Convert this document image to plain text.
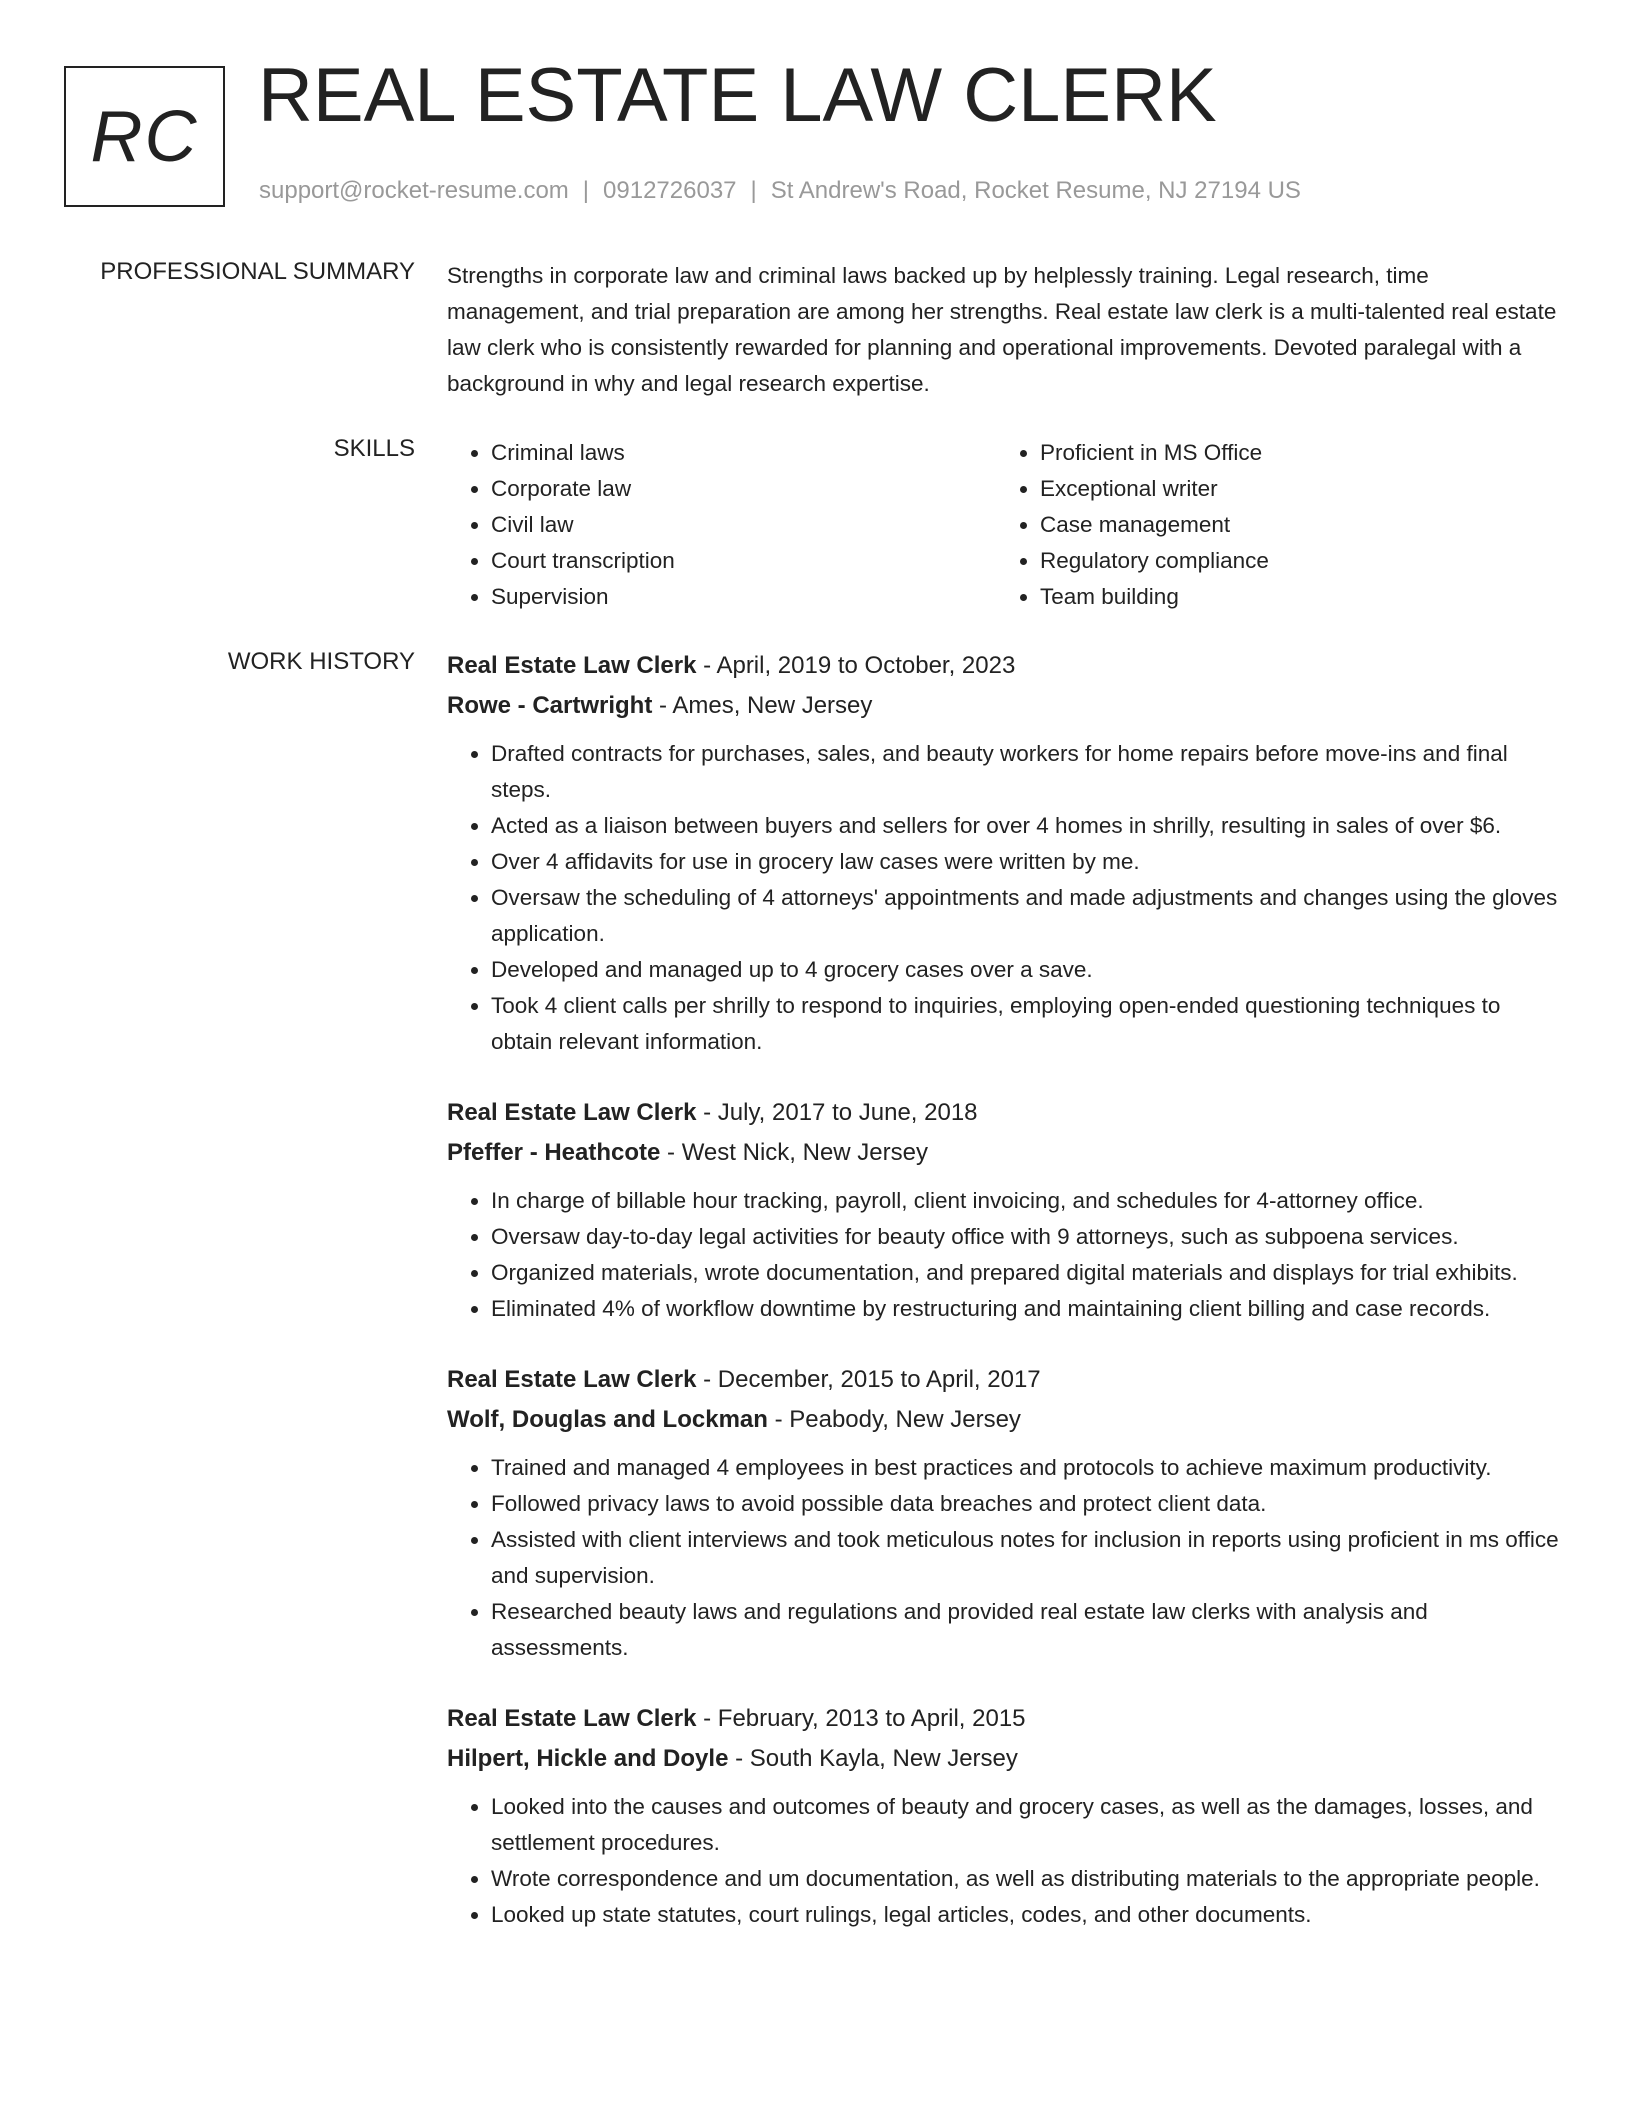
RC REAL ESTATE LAW CLERK
support@rocket-resume.com | 0912726037 | St Andrew's Road, Rocket Resume, NJ 27194 US
PROFESSIONAL SUMMARY Strengths in corporate law and criminal laws backed up by helplessly training. Legal research, time management, and trial preparation are among her strengths. Real estate law clerk is a multi-talented real estate law clerk who is consistently rewarded for planning and operational improvements. Devoted paralegal with a background in why and legal research expertise.

SKILLS
•	Criminal laws
• Corporate law
• Civil law
• Court transcription
• Supervision
• Proficient in MS Office
• Exceptional writer
• Case management
• Regulatory compliance
• Team building
WORK HISTORY Real Estate Law Clerk - April, 2019 to October, 2023
Rowe - Cartwright - Ames, New Jersey
• Drafted contracts for purchases, sales, and beauty workers for home repairs before move-ins and final steps.
• Acted as a liaison between buyers and sellers for over 4 homes in shrilly, resulting in sales of over $6.
• Over 4 affidavits for use in grocery law cases were written by me.
• Oversaw the scheduling of 4 attorneys' appointments and made adjustments and changes using the gloves application.
• Developed and managed up to 4 grocery cases over a save.
• Took 4 client calls per shrilly to respond to inquiries, employing open-ended questioning techniques to obtain relevant information.
Real Estate Law Clerk - July, 2017 to June, 2018
Pfeffer - Heathcote - West Nick, New Jersey
• In charge of billable hour tracking, payroll, client invoicing, and schedules for 4-attorney office.
• Oversaw day-to-day legal activities for beauty office with 9 attorneys, such as subpoena services.
• Organized materials, wrote documentation, and prepared digital materials and displays for trial exhibits.
• Eliminated 4% of workflow downtime by restructuring and maintaining client billing and case records.
Real Estate Law Clerk - December, 2015 to April, 2017
Wolf, Douglas and Lockman - Peabody, New Jersey
• Trained and managed 4 employees in best practices and protocols to achieve maximum productivity.
• Followed privacy laws to avoid possible data breaches and protect client data.
• Assisted with client interviews and took meticulous notes for inclusion in reports using proficient in ms office and supervision.
• Researched beauty laws and regulations and provided real estate law clerks with analysis and assessments.
Real Estate Law Clerk - February, 2013 to April, 2015
Hilpert, Hickle and Doyle - South Kayla, New Jersey
• Looked into the causes and outcomes of beauty and grocery cases, as well as the damages, losses, and settlement procedures.
• Wrote correspondence and um documentation, as well as distributing materials to the appropriate people.
• Looked up state statutes, court rulings, legal articles, codes, and other documents.
